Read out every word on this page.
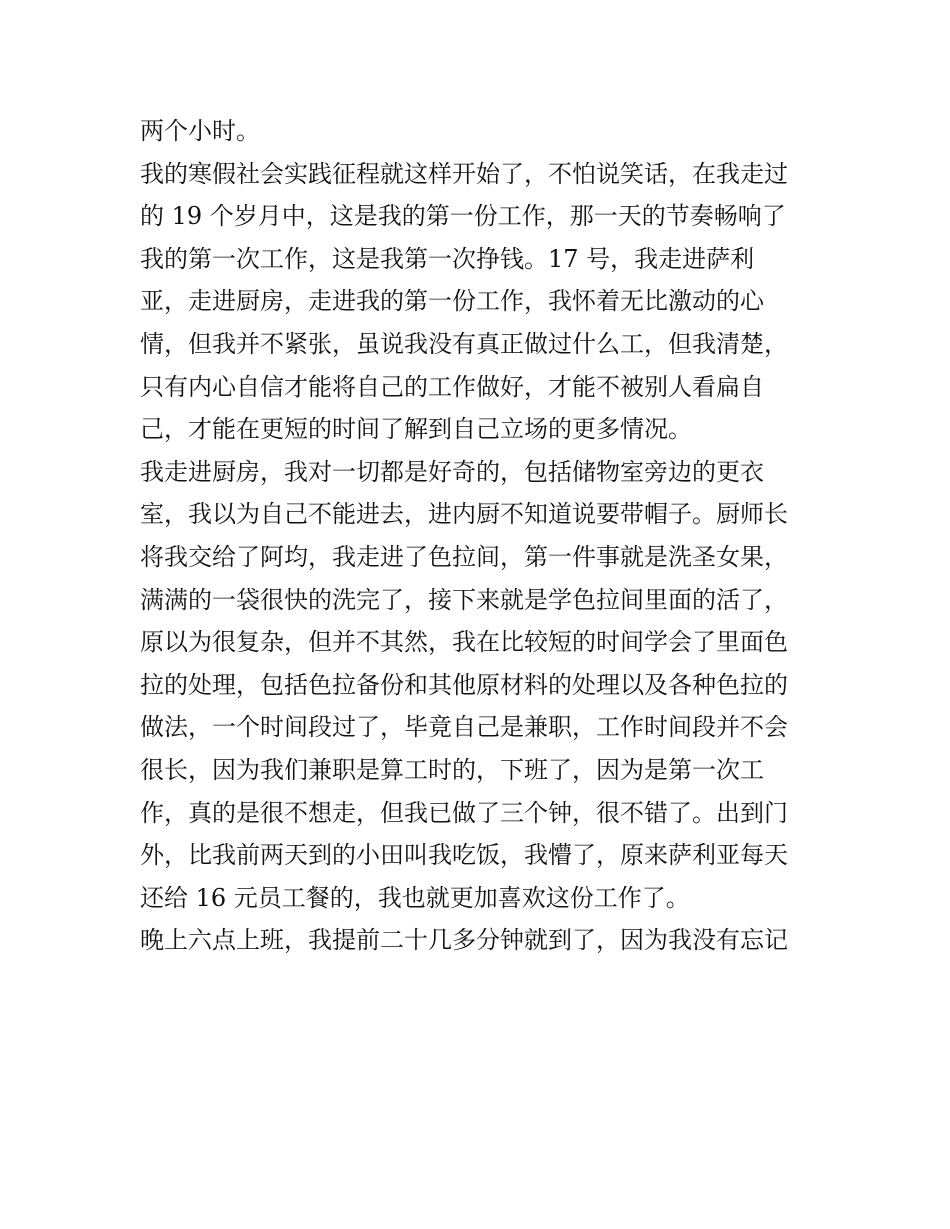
两个小时。
我的寒假社会实践征程就这样开始了，不怕说笑话，在我走过
的 19 个岁月中，这是我的第一份工作，那一天的节奏畅响了
我的第一次工作，这是我第一次挣钱。17 号，我走进萨利
亚，走进厨房，走进我的第一份工作，我怀着无比激动的心
情，但我并不紧张，虽说我没有真正做过什么工，但我清楚，
只有内心自信才能将自己的工作做好，才能不被别人看扁自
己，才能在更短的时间了解到自己立场的更多情况。
我走进厨房，我对一切都是好奇的，包括储物室旁边的更衣
室，我以为自己不能进去，进内厨不知道说要带帽子。厨师长
将我交给了阿均，我走进了色拉间，第一件事就是洗圣女果，
满满的一袋很快的洗完了，接下来就是学色拉间里面的活了，
原以为很复杂，但并不其然，我在比较短的时间学会了里面色
拉的处理，包括色拉备份和其他原材料的处理以及各种色拉的
做法，一个时间段过了，毕竟自己是兼职，工作时间段并不会
很长，因为我们兼职是算工时的，下班了，因为是第一次工
作，真的是很不想走，但我已做了三个钟，很不错了。出到门
外，比我前两天到的小田叫我吃饭，我懵了，原来萨利亚每天
还给 16 元员工餐的，我也就更加喜欢这份工作了。
晚上六点上班，我提前二十几多分钟就到了，因为我没有忘记
